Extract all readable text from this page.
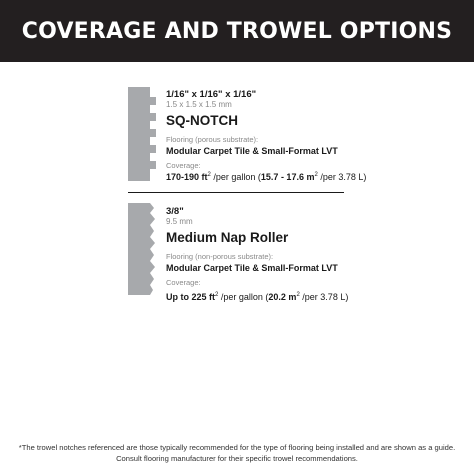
COVERAGE AND TROWEL OPTIONS
1/16" x 1/16" x 1/16"
1.5 x 1.5 x 1.5 mm
SQ-NOTCH
Flooring (porous substrate):
Modular Carpet Tile & Small-Format LVT
Coverage:
170-190 $ft^2$ /per gallon (15.7 - 17.6 $m^2$ /per 3.78 L)
3/8"
9.5 mm
Medium Nap Roller
Flooring (non-porous substrate):
Modular Carpet Tile & Small-Format LVT
Coverage:
Up to 225 $ft^2$ /per gallon (20.2 $m^2$ /per 3.78 L)
*The trowel notches referenced are those typically recommended for the type of flooring being installed and are shown as a guide. Consult flooring manufacturer for their specific trowel recommendations.
